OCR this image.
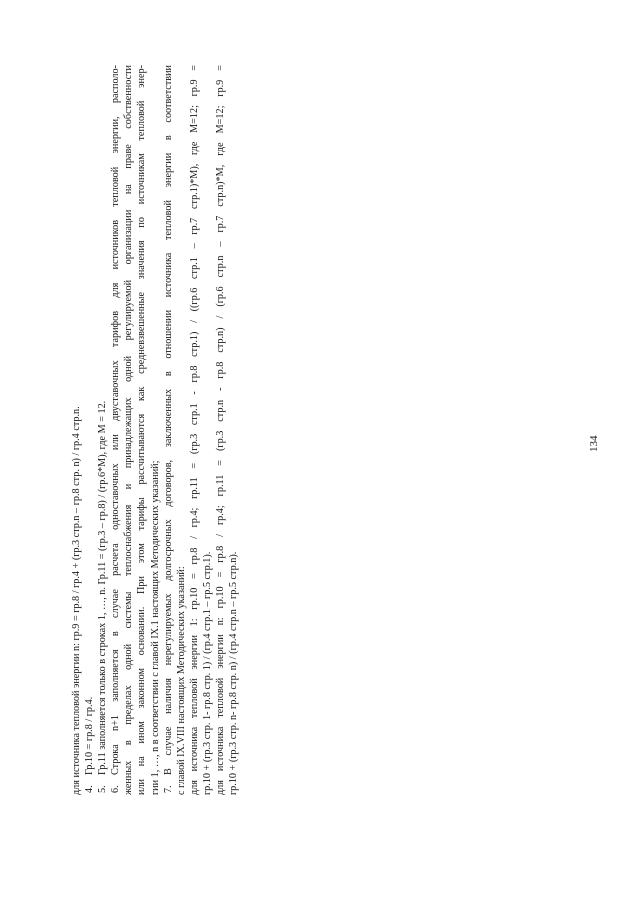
для источника тепловой энергии n: гр.9 = гр.8 / гр.4 + (гр.3 стр.n – гр.8 стр. n) / гр.4 стр.n. 4.
Гр.10 = гр.8 / гр.4.
5.
Гр.11 заполняется только в строках 1, …, n. Гр.11 = (гр.3 – гр.8) / (гр.6*М), где М = 12.
6.
Строка n+1 заполняется в случае расчета одноставочных или двуставочных тарифов для источников тепловой энергии, располо- женных в пределах одной системы теплоснабжения и принадлежащих одной регулируемой организации на праве собственности или на ином законном основании. При этом тарифы рассчитываются как средневзвешенные значения по источникам тепловой энер- гии 1, …, n в соответствии с главой IX.1 настоящих Методических указаний; 7.
В случае наличия нерегулируемых долгосрочных договоров, заключенных в отношении источника тепловой энергии в соответствии с главой IX.VIII настоящих Методических указаний: для источника тепловой энергии 1: гр.10 = гр.8 / гр.4; гр.11 = (гр.3 стр.1 - гр.8 стр.1) / ((гр.6 стр.1 – гр.7 стр.1)*М), где М=12; гр.9 = гр.10 + (гр.3 стр. 1- гр.8 стр. 1) / (гр.4 стр.1 – гр.5 стр.1). для источника тепловой энергии n: гр.10 = гр.8 / гр.4; гр.11 = (гр.3 стр.n - гр.8 стр.n) / (гр.6 стр.n – гр.7 стр.n)*М, где М=12; гр.9 = гр.10 + (гр.3 стр. n- гр.8 стр. n) / (гр.4 стр.n – гр.5 стр.n).
134
